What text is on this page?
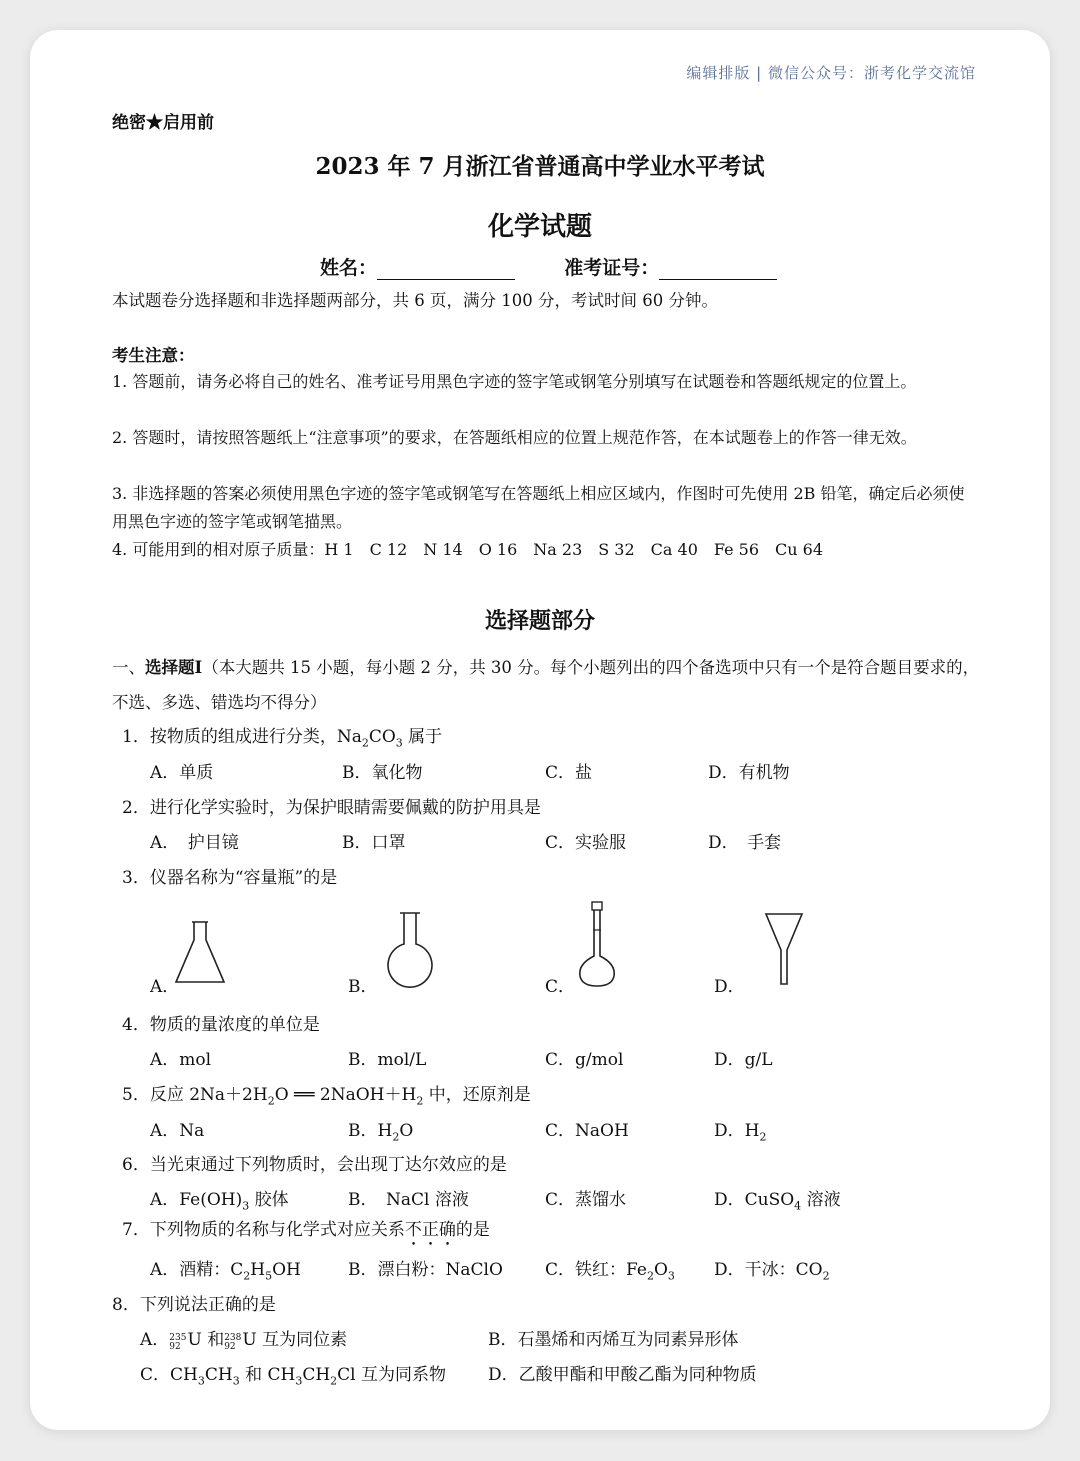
编辑排版 | 微信公众号：浙考化学交流馆
绝密★启用前
2023 年 7 月浙江省普通高中学业水平考试
化学试题
姓名：	准考证号：
本试题卷分选择题和非选择题两部分，共 6 页，满分 100 分，考试时间 60 分钟。
考生注意：
1. 答题前，请务必将自己的姓名、准考证号用黑色字迹的签字笔或钢笔分别填写在试题卷和答题纸规定的位置上。
2. 答题时，请按照答题纸上“注意事项”的要求，在答题纸相应的位置上规范作答，在本试题卷上的作答一律无效。
3. 非选择题的答案必须使用黑色字迹的签字笔或钢笔写在答题纸上相应区域内，作图时可先使用 2B 铅笔，确定后必须使用黑色字迹的签字笔或钢笔描黑。
4. 可能用到的相对原子质量：H 1　C 12　N 14　O 16　Na 23　S 32　Ca 40　Fe 56　Cu 64
选择题部分
一、选择题Ⅰ（本大题共 15 小题，每小题 2 分，共 30 分。每个小题列出的四个备选项中只有一个是符合题目要求的，不选、多选、错选均不得分）
1．按物质的组成进行分类，$Na_2CO_3$ 属于
A．单质	B．氧化物	C．盐	D．有机物
2．进行化学实验时，为保护眼睛需要佩戴的防护用具是
A．　护目镜	B．口罩	C．实验服	D．　手套
3．仪器名称为“容量瓶”的是
A．	B．	C．	D．
4．物质的量浓度的单位是
A．mol	B．mol/L	C．g/mol	D．g/L
5．反应 $2Na+2H_2O$ ══ $2NaOH+H_2$ 中，还原剂是
A．Na	B．$H_2O$	C．NaOH	D．$H_2$
6．当光束通过下列物质时，会出现丁达尔效应的是
A．$Fe(OH)_3$ 胶体	B．　NaCl 溶液	C．蒸馏水	D．CuSO$_4$ 溶液
7．下列物质的名称与化学式对应关系不正确的是
A．酒精：$C_2H_5OH$	B．漂白粉：NaClO C．铁红：$Fe_2O_3$ D．干冰：$CO_2$
8．下列说法正确的是
A．235
92 U 和238
92 U 互为同位素	B．石墨烯和丙烯互为同素异形体
C．$CH_3CH_3$ 和 $CH_3CH_2Cl$ 互为同系物 D．乙酸甲酯和甲酸乙酯为同种物质
